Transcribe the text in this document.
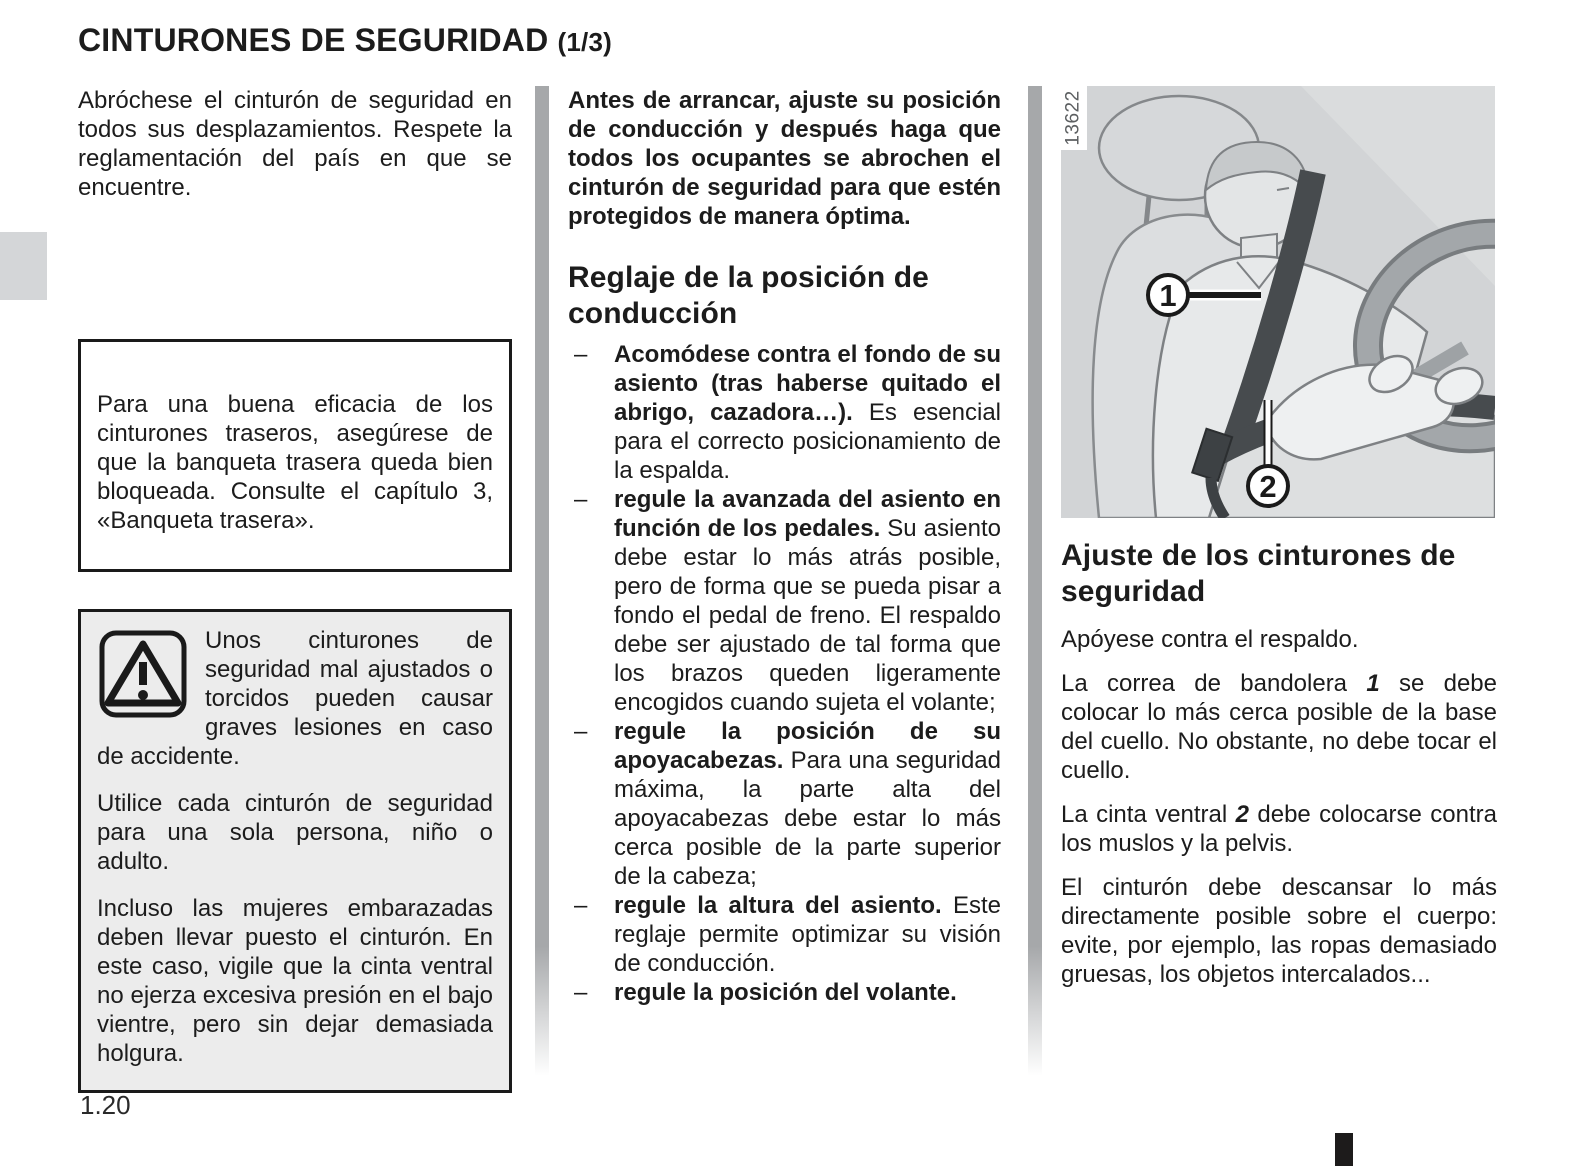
CINTURONES DE SEGURIDAD (1/3)

Abróchese el cinturón de seguridad en todos sus desplazamientos. Respete la reglamentación del país en que se encuentre.

Para una buena eficacia de los cinturones traseros, asegúrese de que la banqueta trasera queda bien bloqueada. Consulte el capítulo 3, «Banqueta trasera».

Unos cinturones de seguridad mal ajustados o torcidos pueden causar graves lesiones en caso de accidente.

Utilice cada cinturón de seguridad para una sola persona, niño o adulto.

Incluso las mujeres embarazadas deben llevar puesto el cinturón. En este caso, vigile que la cinta ventral no ejerza excesiva presión en el bajo vientre, pero sin dejar demasiada holgura.

Antes de arrancar, ajuste su posición de conducción y después haga que todos los ocupantes se abrochen el cinturón de seguridad para que estén protegidos de manera óptima.

Reglaje de la posición de conducción
– Acomódese contra el fondo de su asiento (tras haberse quitado el abrigo, cazadora…). Es esencial para el correcto posicionamiento de la espalda.
– regule la avanzada del asiento en función de los pedales. Su asiento debe estar lo más atrás posible, pero de forma que se pueda pisar a fondo el pedal de freno. El respaldo debe ser ajustado de tal forma que los brazos queden ligeramente encogidos cuando sujeta el volante;
– regule la posición de su apoyacabezas. Para una seguridad máxima, la parte alta del apoyacabezas debe estar lo más cerca posible de la parte superior de la cabeza;
– regule la altura del asiento. Este reglaje permite optimizar su visión de conducción.
– regule la posición del volante.
1
2
13622
Ajuste de los cinturones de seguridad

Apóyese contra el respaldo.

La correa de bandolera 1 se debe colocar lo más cerca posible de la base del cuello. No obstante, no debe tocar el cuello.

La cinta ventral 2 debe colocarse contra los muslos y la pelvis.

El cinturón debe descansar lo más directamente posible sobre el cuerpo: evite, por ejemplo, las ropas demasiado gruesas, los objetos intercalados...

1.20
